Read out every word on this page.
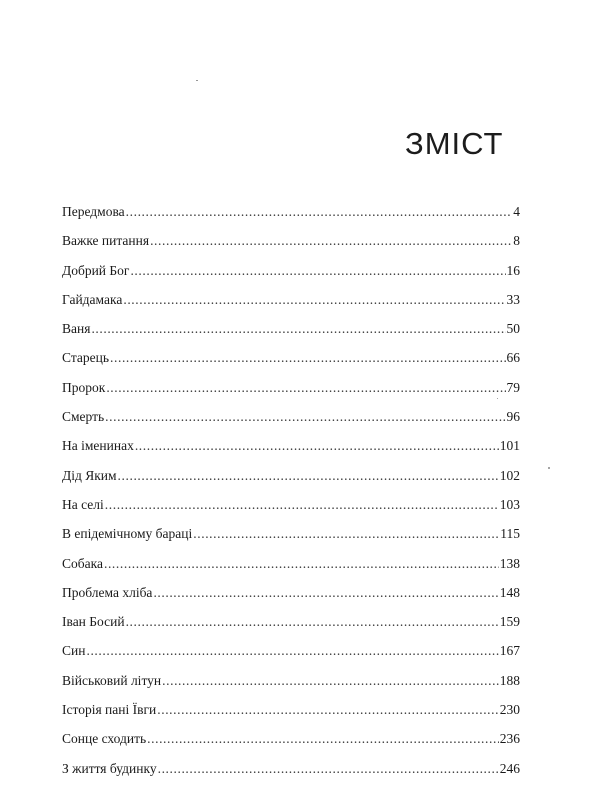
ЗМІСТ
Передмова .....	4
Важке питання .....	8
Добрий Бог .....	16
Гайдамака .....	33
Ваня .....	50
Старець .....	66
Пророк .....	79
Смерть .....	96
На іменинах .....	101
Дід Яким .....	102
На селі .....	103
В епідемічному бараці .....	115
Собака .....	138
Проблема хліба .....	148
Іван Босий .....	159
Син .....	167
Військовий літун .....	188
Історія пані Ївги .....	230
Сонце сходить .....	236
З життя будинку .....	246
